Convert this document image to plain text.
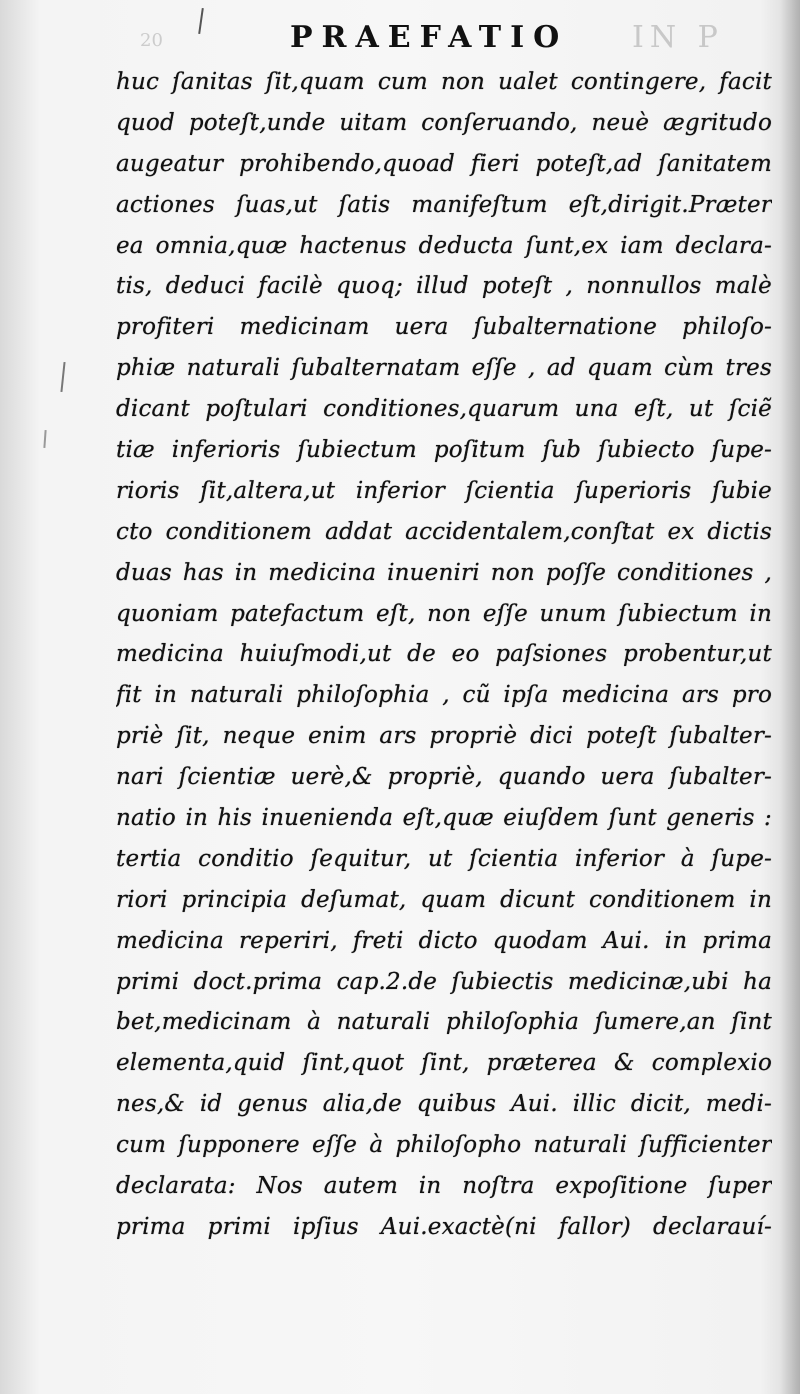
20	IN P
PRAEFATIO
huc ſanitas ſit,quam cum non ualet contingere, facit
quod poteſt,unde uitam conſeruando, neuè ægritudo
augeatur prohibendo,quoad fieri poteſt,ad ſanitatem
actiones ſuas,ut ſatis manifeſtum eſt,dirigit.Præter
ea omnia,quæ hactenus deducta ſunt,ex iam declara-
tis, deduci facilè quoq; illud poteſt , nonnullos malè
profiteri medicinam uera ſubalternatione philoſo-
phiæ naturali ſubalternatam eſſe , ad quam cùm tres
dicant poſtulari conditiones,quarum una eſt, ut ſciẽ
tiæ inferioris ſubiectum poſitum ſub ſubiecto ſupe-
rioris ſit,altera,ut inferior ſcientia ſuperioris ſubie
cto conditionem addat accidentalem,conſtat ex dictis
duas has in medicina inueniri non poſſe conditiones ,
quoniam patefactum eſt, non eſſe unum ſubiectum in
medicina huiuſmodi,ut de eo paſsiones probentur,ut
fit in naturali philoſophia , cũ ipſa medicina ars pro
priè ſit, neque enim ars propriè dici poteſt ſubalter-
nari ſcientiæ uerè,& propriè, quando uera ſubalter-
natio in his inuenienda eſt,quæ eiuſdem ſunt generis :
tertia conditio ſequitur, ut ſcientia inferior à ſupe-
riori principia deſumat, quam dicunt conditionem in
medicina reperiri, freti dicto quodam Aui. in prima
primi doct.prima cap.2.de ſubiectis medicinæ,ubi ha
bet,medicinam à naturali philoſophia ſumere,an ſint
elementa,quid ſint,quot ſint, præterea & complexio
nes,& id genus alia,de quibus Aui. illic dicit, medi-
cum ſupponere eſſe à philoſopho naturali ſufficienter
declarata: Nos autem in noſtra expoſitione ſuper
prima primi ipſius Aui.exactè(ni fallor) declarauí-
